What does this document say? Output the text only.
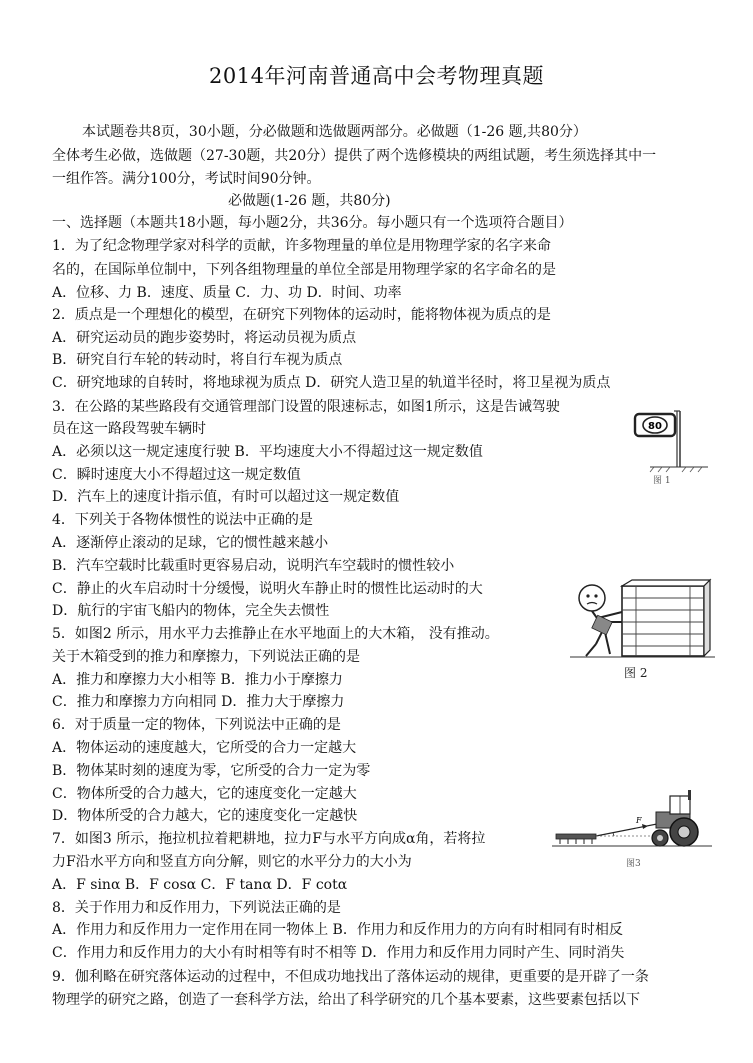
2014年河南普通高中会考物理真题
本试题卷共8页，30小题，分必做题和选做题两部分。必做题（1-26 题,共80分）
全体考生必做，选做题（27-30题，共20分）提供了两个选修模块的两组试题，考生须选择其中一
一组作答。满分100分，考试时间90分钟。
必做题(1-26 题，共80分)
一、选择题（本题共18小题，每小题2分，共36分。每小题只有一个选项符合题目）
1．为了纪念物理学家对科学的贡献，许多物理量的单位是用物理学家的名字来命
名的，在国际单位制中，下列各组物理量的单位全部是用物理学家的名字命名的是
A．位移、力 B．速度、质量 C．力、功 D．时间、功率
2．质点是一个理想化的模型，在研究下列物体的运动时，能将物体视为质点的是
A．研究运动员的跑步姿势时，将运动员视为质点
B．研究自行车轮的转动时，将自行车视为质点
C．研究地球的自转时，将地球视为质点 D．研究人造卫星的轨道半径时，将卫星视为质点
3．在公路的某些路段有交通管理部门设置的限速标志，如图1所示，这是告诫驾驶
员在这一路段驾驶车辆时
A．必须以这一规定速度行驶 B．平均速度大小不得超过这一规定数值
C．瞬时速度大小不得超过这一规定数值
D．汽车上的速度计指示值，有时可以超过这一规定数值
4．下列关于各物体惯性的说法中正确的是
A．逐渐停止滚动的足球，它的惯性越来越小
B．汽车空载时比载重时更容易启动，说明汽车空载时的惯性较小
C．静止的火车启动时十分缓慢，说明火车静止时的惯性比运动时的大
D．航行的宇宙飞船内的物体，完全失去惯性
5．如图2 所示，用水平力去推静止在水平地面上的大木箱， 没有推动。
关于木箱受到的推力和摩擦力，下列说法正确的是
A．推力和摩擦力大小相等 B．推力小于摩擦力
C．推力和摩擦力方向相同 D．推力大于摩擦力
6．对于质量一定的物体，下列说法中正确的是
A．物体运动的速度越大，它所受的合力一定越大
B．物体某时刻的速度为零，它所受的合力一定为零
C．物体所受的合力越大，它的速度变化一定越大
D．物体所受的合力越大，它的速度变化一定越快
7．如图3 所示，拖拉机拉着耙耕地，拉力F与水平方向成α角，若将拉
力F沿水平方向和竖直方向分解，则它的水平分力的大小为
A．F sinα B．F cosα C．F tanα D．F cotα
8．关于作用力和反作用力，下列说法正确的是
A．作用力和反作用力一定作用在同一物体上 B．作用力和反作用力的方向有时相同有时相反
C．作用力和反作用力的大小有时相等有时不相等 D．作用力和反作用力同时产生、同时消失
9．伽利略在研究落体运动的过程中，不但成功地找出了落体运动的规律，更重要的是开辟了一条
物理学的研究之路，创造了一套科学方法，给出了科学研究的几个基本要素，这些要素包括以下
80
图 1
图 2
F
图3
